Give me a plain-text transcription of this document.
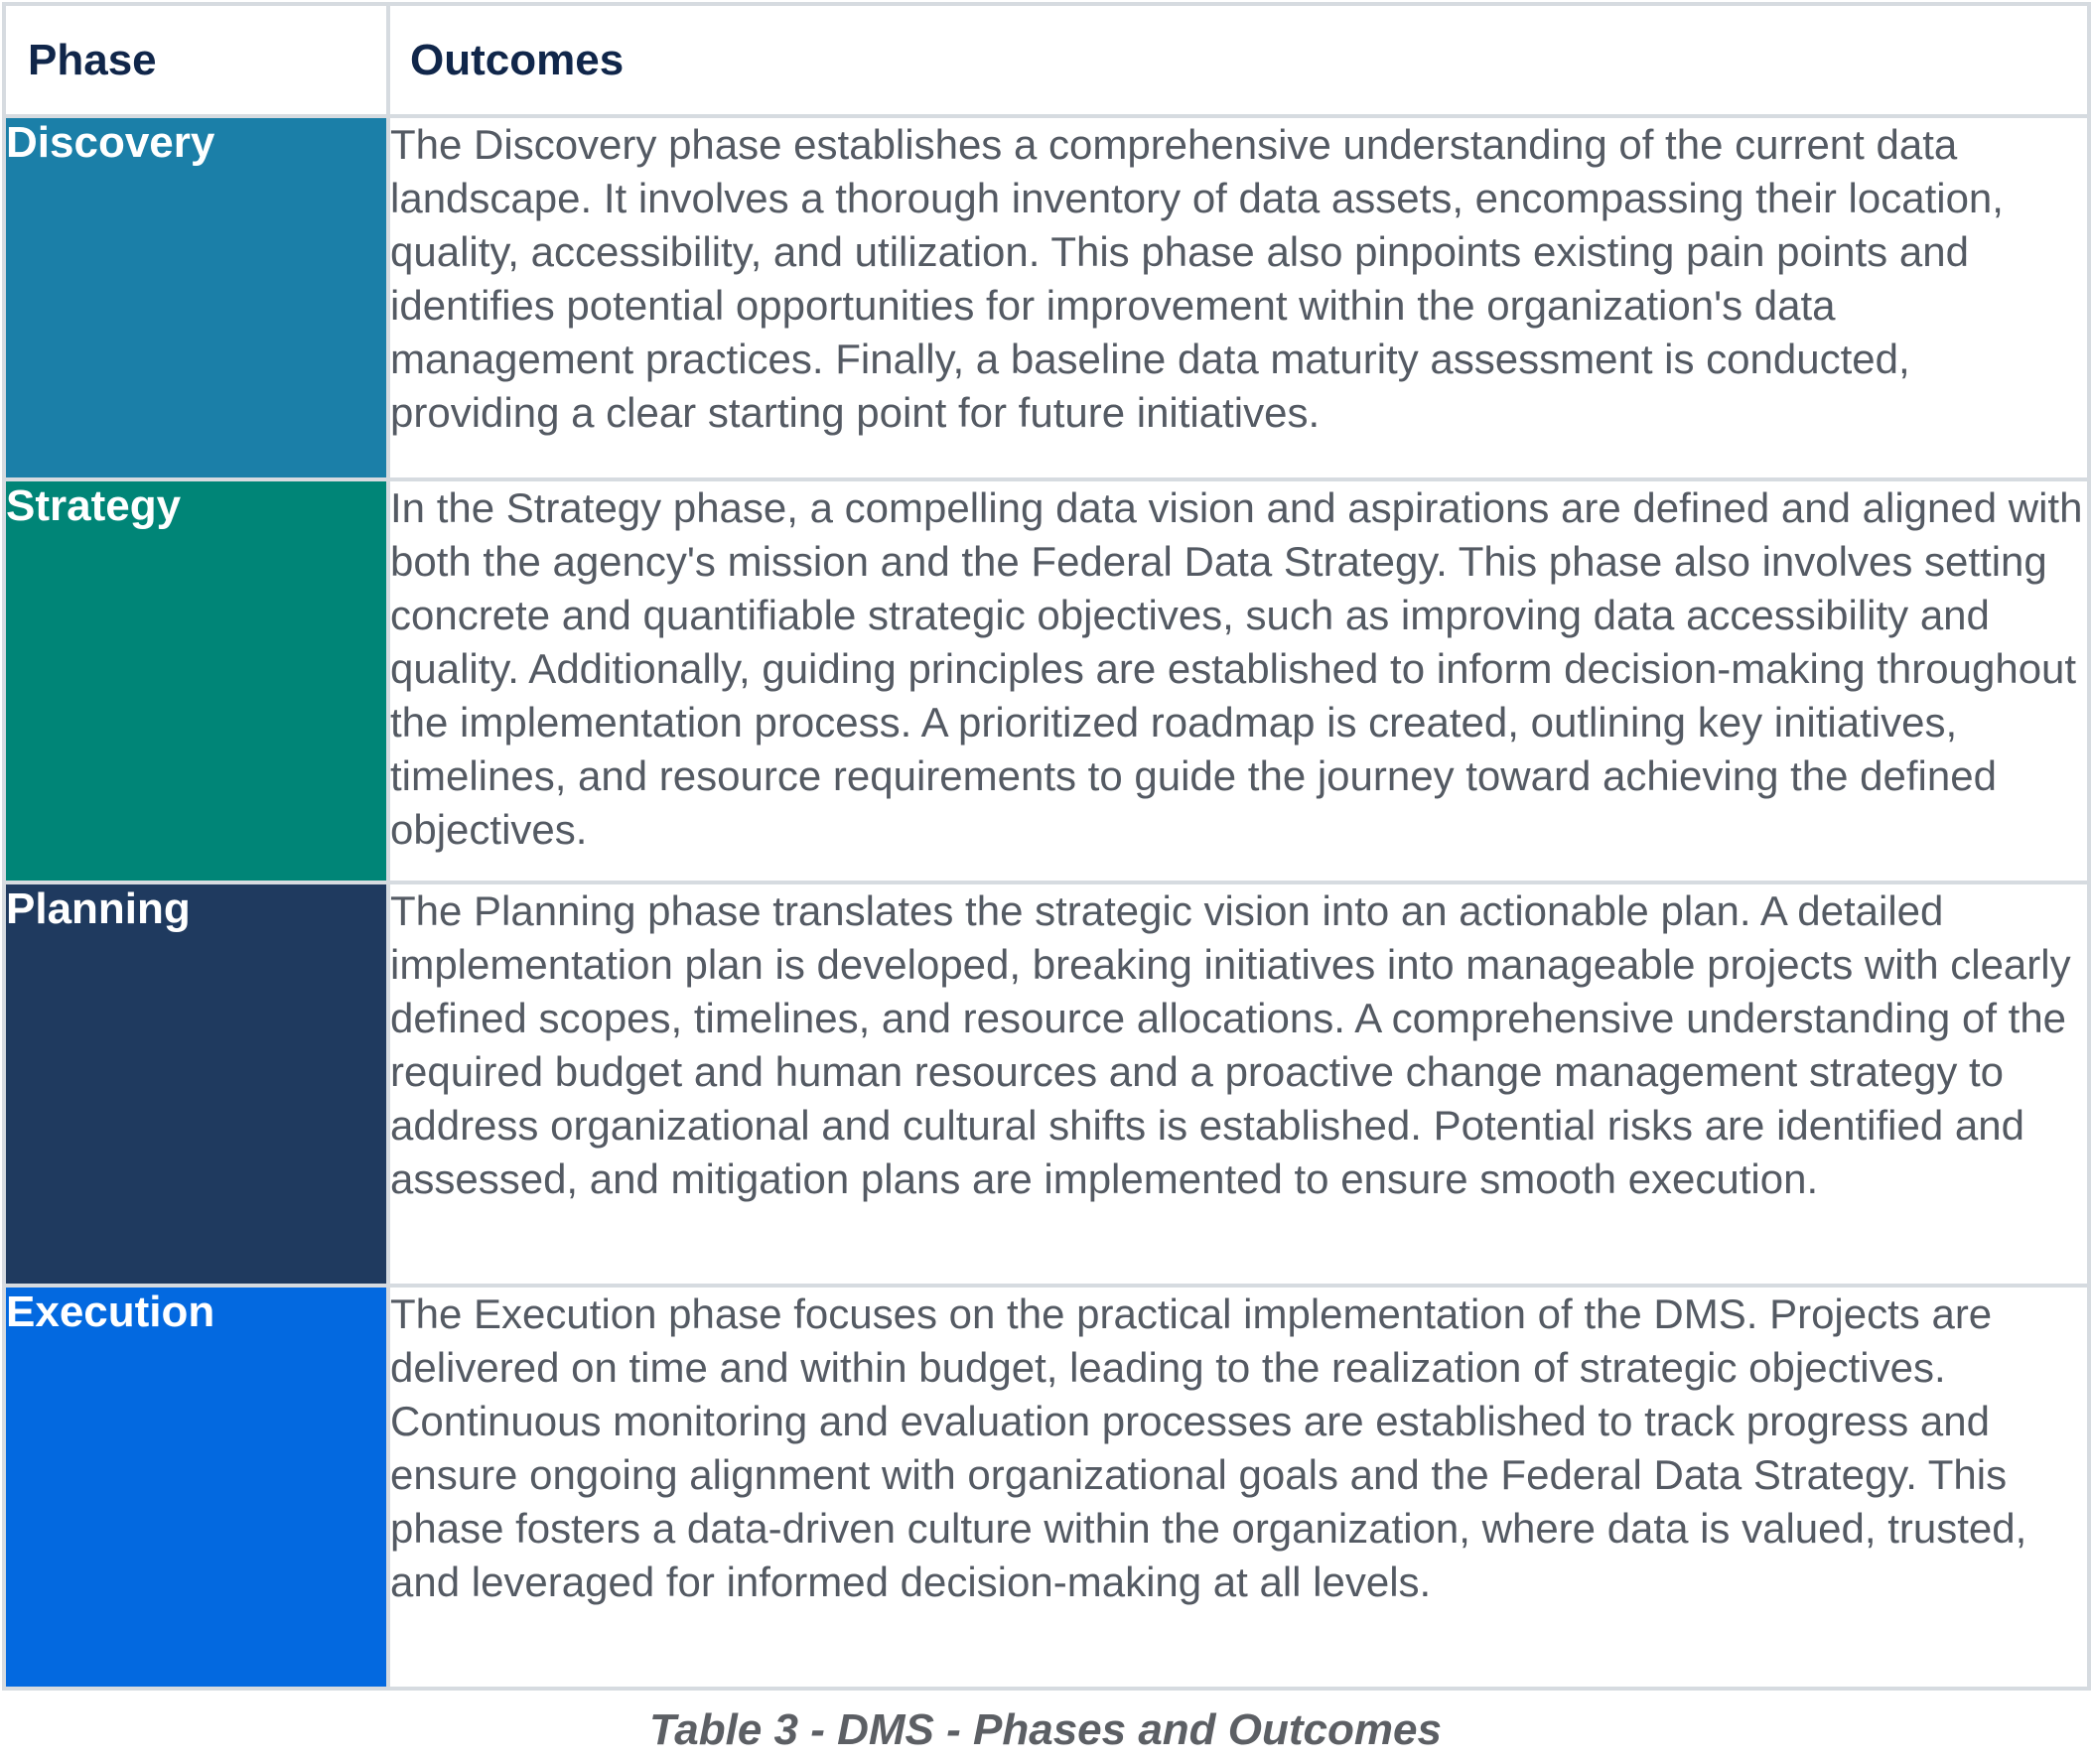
Phase	Outcomes
Discovery	The Discovery phase establishes a comprehensive understanding of the current data landscape. It involves a thorough inventory of data assets, encompassing their location, quality, accessibility, and utilization. This phase also pinpoints existing pain points and identifies potential opportunities for improvement within the organization's data management practices. Finally, a baseline data maturity assessment is conducted, providing a clear starting point for future initiatives.
Strategy	In the Strategy phase, a compelling data vision and aspirations are defined and aligned with both the agency's mission and the Federal Data Strategy. This phase also involves setting concrete and quantifiable strategic objectives, such as improving data accessibility and quality. Additionally, guiding principles are established to inform decision-making throughout the implementation process. A prioritized roadmap is created, outlining key initiatives, timelines, and resource requirements to guide the journey toward achieving the defined objectives.
Planning	The Planning phase translates the strategic vision into an actionable plan. A detailed implementation plan is developed, breaking initiatives into manageable projects with clearly defined scopes, timelines, and resource allocations. A comprehensive understanding of the required budget and human resources and a proactive change management strategy to address organizational and cultural shifts is established. Potential risks are identified and assessed, and mitigation plans are implemented to ensure smooth execution.
Execution	The Execution phase focuses on the practical implementation of the DMS. Projects are delivered on time and within budget, leading to the realization of strategic objectives. Continuous monitoring and evaluation processes are established to track progress and ensure ongoing alignment with organizational goals and the Federal Data Strategy. This phase fosters a data-driven culture within the organization, where data is valued, trusted, and leveraged for informed decision-making at all levels.
Table 3 - DMS - Phases and Outcomes
